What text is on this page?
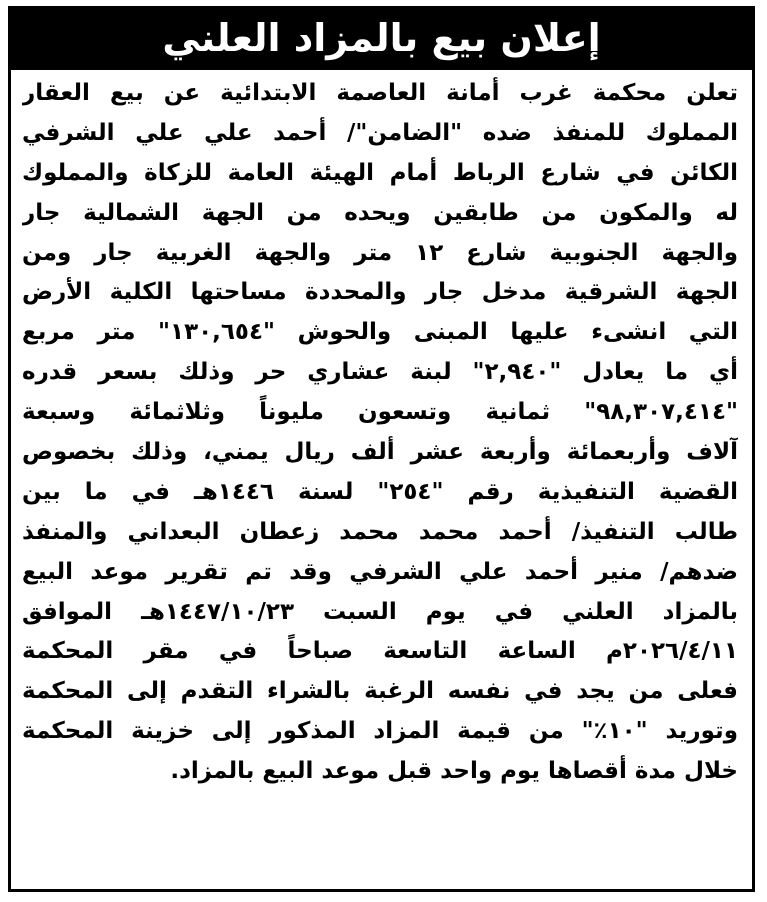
إعلان بيع بالمزاد العلني
تعلن محكمة غرب أمانة العاصمة الابتدائية عن بيع العقار
المملوك للمنفذ ضده "الضامن"/ أحمد علي علي الشرفي
الكائن في شارع الرباط أمام الهيئة العامة للزكاة والمملوك
له والمكون من طابقين ويحده من الجهة الشمالية جار
والجهة الجنوبية شارع ١٢ متر والجهة الغربية جار ومن
الجهة الشرقية مدخل جار والمحددة مساحتها الكلية الأرض
التي انشىء عليها المبنى والحوش "١٣٠,٦٥٤" متر مربع
أي ما يعادل "٢,٩٤٠" لبنة عشاري حر وذلك بسعر قدره
"٩٨,٣٠٧,٤١٤" ثمانية وتسعون مليوناً وثلاثمائة وسبعة
آلاف وأربعمائة وأربعة عشر ألف ريال يمني، وذلك بخصوص
القضية التنفيذية رقم "٢٥٤" لسنة ١٤٤٦هـ في ما بين
طالب التنفيذ/ أحمد محمد محمد زعطان البعداني والمنفذ
ضدهم/ منير أحمد علي الشرفي وقد تم تقرير موعد البيع
بالمزاد العلني في يوم السبت ١٤٤٧/١٠/٢٣هـ الموافق
٢٠٢٦/٤/١١م الساعة التاسعة صباحاً في مقر المحكمة
فعلى من يجد في نفسه الرغبة بالشراء التقدم إلى المحكمة
وتوريد "١٠٪" من قيمة المزاد المذكور إلى خزينة المحكمة
خلال مدة أقصاها يوم واحد قبل موعد البيع بالمزاد.
